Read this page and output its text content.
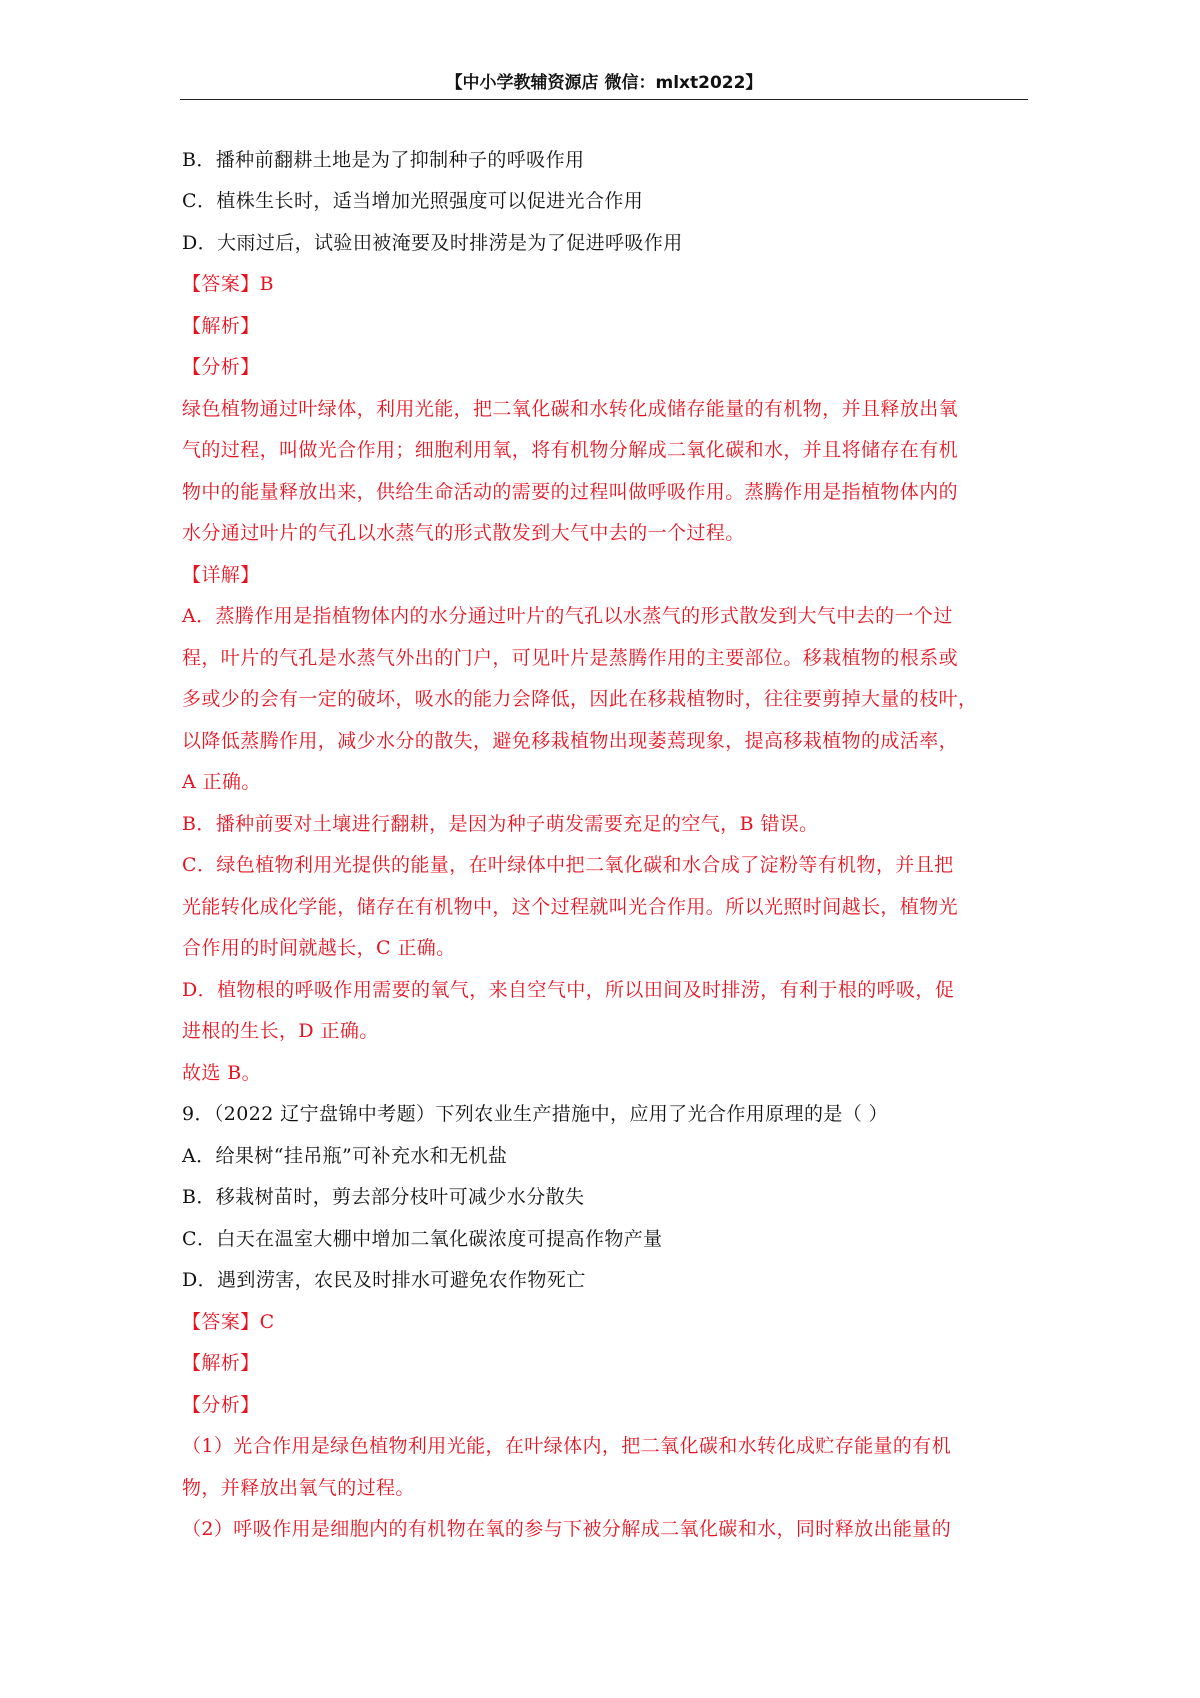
【中小学教辅资源店 微信：mlxt2022】
B．播种前翻耕土地是为了抑制种子的呼吸作用
C．植株生长时，适当增加光照强度可以促进光合作用
D．大雨过后，试验田被淹要及时排涝是为了促进呼吸作用
【答案】B
【解析】
【分析】
绿色植物通过叶绿体，利用光能，把二氧化碳和水转化成储存能量的有机物，并且释放出氧
气的过程，叫做光合作用；细胞利用氧，将有机物分解成二氧化碳和水，并且将储存在有机
物中的能量释放出来，供给生命活动的需要的过程叫做呼吸作用。蒸腾作用是指植物体内的
水分通过叶片的气孔以水蒸气的形式散发到大气中去的一个过程。
【详解】
A．蒸腾作用是指植物体内的水分通过叶片的气孔以水蒸气的形式散发到大气中去的一个过
程，叶片的气孔是水蒸气外出的门户，可见叶片是蒸腾作用的主要部位。移栽植物的根系或
多或少的会有一定的破坏，吸水的能力会降低，因此在移栽植物时，往往要剪掉大量的枝叶，
以降低蒸腾作用，减少水分的散失，避免移栽植物出现萎蔫现象，提高移栽植物的成活率，
A 正确。
B．播种前要对土壤进行翻耕，是因为种子萌发需要充足的空气，B 错误。
C．绿色植物利用光提供的能量，在叶绿体中把二氧化碳和水合成了淀粉等有机物，并且把
光能转化成化学能，储存在有机物中，这个过程就叫光合作用。所以光照时间越长，植物光
合作用的时间就越长，C 正确。
D．植物根的呼吸作用需要的氧气，来自空气中，所以田间及时排涝，有利于根的呼吸，促
进根的生长，D 正确。
故选 B。
9．（2022 辽宁盘锦中考题）下列农业生产措施中，应用了光合作用原理的是（ ）
A．给果树“挂吊瓶”可补充水和无机盐
B．移栽树苗时，剪去部分枝叶可减少水分散失
C．白天在温室大棚中增加二氧化碳浓度可提高作物产量
D．遇到涝害，农民及时排水可避免农作物死亡
【答案】C
【解析】
【分析】
（1）光合作用是绿色植物利用光能，在叶绿体内，把二氧化碳和水转化成贮存能量的有机
物，并释放出氧气的过程。
（2）呼吸作用是细胞内的有机物在氧的参与下被分解成二氧化碳和水，同时释放出能量的
